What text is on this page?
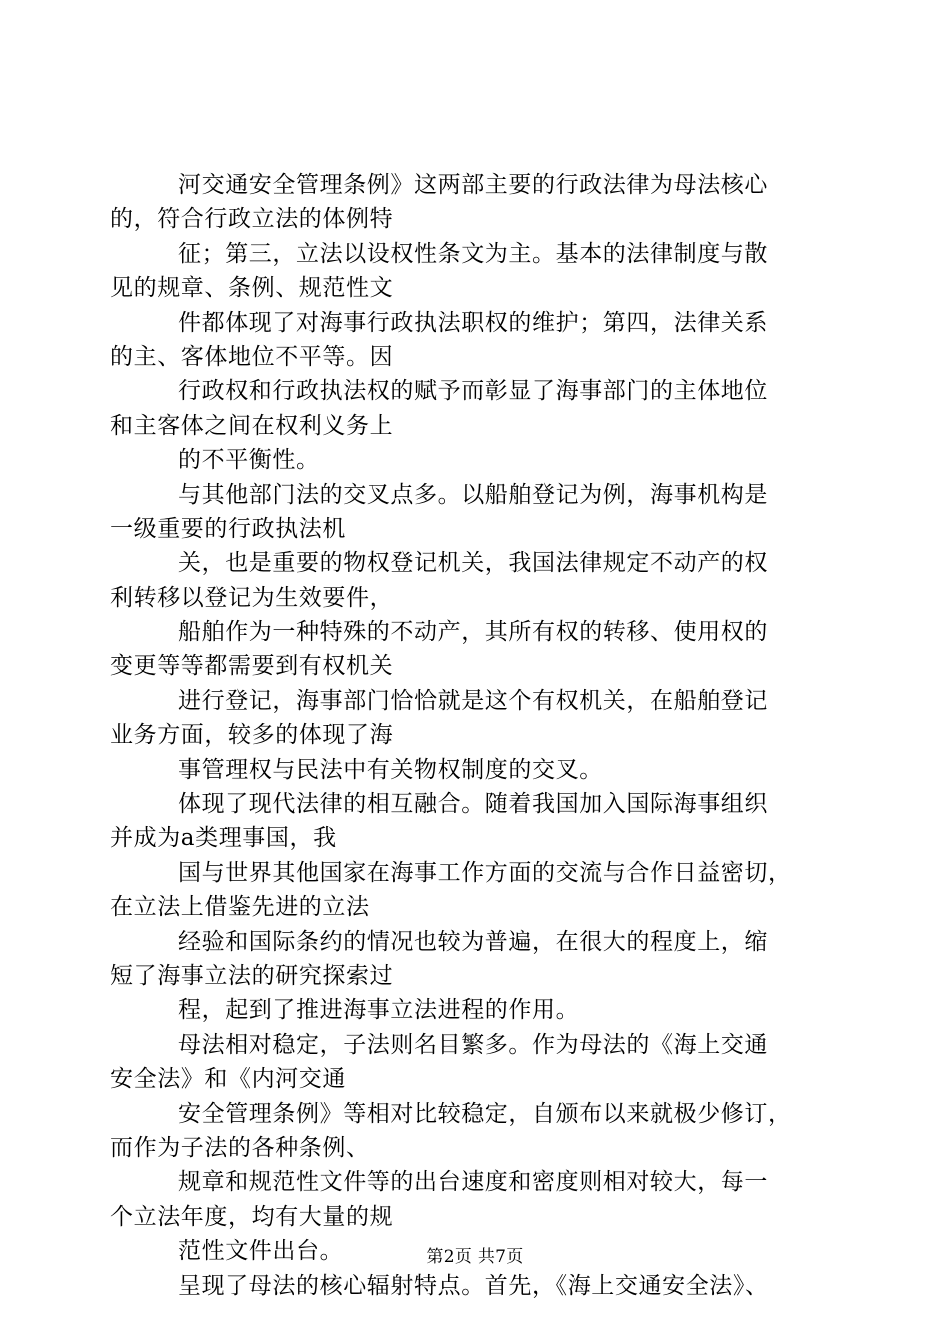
河交通安全管理条例》这两部主要的行政法律为母法核心
的，符合行政立法的体例特
征；第三，立法以设权性条文为主。基本的法律制度与散
见的规章、条例、规范性文
件都体现了对海事行政执法职权的维护；第四，法律关系
的主、客体地位不平等。因
行政权和行政执法权的赋予而彰显了海事部门的主体地位
和主客体之间在权利义务上
的不平衡性。
与其他部门法的交叉点多。以船舶登记为例，海事机构是
一级重要的行政执法机
关，也是重要的物权登记机关，我国法律规定不动产的权
利转移以登记为生效要件，
船舶作为一种特殊的不动产，其所有权的转移、使用权的
变更等等都需要到有权机关
进行登记，海事部门恰恰就是这个有权机关，在船舶登记
业务方面，较多的体现了海
事管理权与民法中有关物权制度的交叉。
体现了现代法律的相互融合。随着我国加入国际海事组织
并成为a类理事国，我
国与世界其他国家在海事工作方面的交流与合作日益密切，
在立法上借鉴先进的立法
经验和国际条约的情况也较为普遍，在很大的程度上，缩
短了海事立法的研究探索过
程，起到了推进海事立法进程的作用。
母法相对稳定，子法则名目繁多。作为母法的《海上交通
安全法》和《内河交通
安全管理条例》等相对比较稳定，自颁布以来就极少修订，
而作为子法的各种条例、
规章和规范性文件等的出台速度和密度则相对较大，每一
个立法年度，均有大量的规
范性文件出台。
呈现了母法的核心辐射特点。首先，《海上交通安全法》、
第2页 共7页
